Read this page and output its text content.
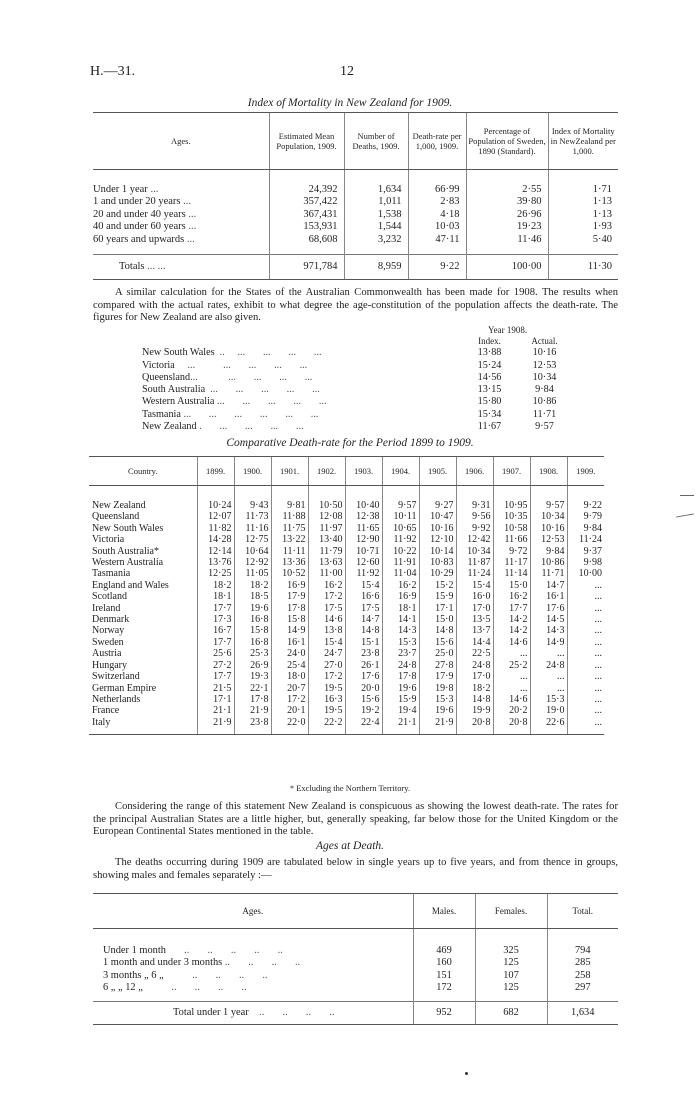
H.—31.	12
Index of Mortality in New Zealand for 1909.
Ages.	Estimated Mean Population, 1909.	Number of Deaths, 1909.	Death-rate per 1,000, 1909.	Percentage of Population of Sweden, 1890 (Standard).	Index of Mortality in NewZealand per 1,000.
Under 1 year ...	24,392	1,634	66·99	2·55	1·71
1 and under 20 years ...	357,422	1,011	2·83	39·80	1·13
20 and under 40 years ...	367,431	1,538	4·18	26·96	1·13
40 and under 60 years ...	153,931	1,544	10·03	19·23	1·93
60 years and upwards ...	68,608	3,232	47·11	11·46	5·40
Totals ... ...	971,784	8,959	9·22	100·00	11·30

A similar calculation for the States of the Australian Commonwealth has been made for 1908. The results when compared with the actual rates, exhibit to what degree the age-constitution of the population affects the death-rate. The figures for New Zealand are also given.

Year 1908.
	Index.	Actual.
New South Wales  ..     ...       ...       ...       ...	13·88	10·16
Victoria     ...           ...       ...       ...       ...	15·24	12·53
Queensland...            ...       ...       ...       ...	14·56	10·34
South Australia  ...       ...       ...       ...       ...	13·15	9·84
Western Australia ...       ...       ...       ...       ...	15·80	10·86
Tasmania ...       ...       ...       ...       ...       ...	15·34	11·71
New Zealand .       ...       ...       ...       ...	11·67	9·57
Comparative Death-rate for the Period 1899 to 1909.
Country.	1899.	1900.	1901.	1902.	1903.	1904.	1905.	1906.	1907.	1908.	1909.
New Zealand	10·24	9·43	9·81	10·50	10·40	9·57	9·27	9·31	10·95	9·57	9·22
Queensland	12·07	11·73	11·88	12·08	12·38	10·11	10·47	9·56	10·35	10·34	9·79
New South Wales	11·82	11·16	11·75	11·97	11·65	10·65	10·16	9·92	10·58	10·16	9·84
Victoria	14·28	12·75	13·22	13·40	12·90	11·92	12·10	12·42	11·66	12·53	11·24
South Australia*	12·14	10·64	11·11	11·79	10·71	10·22	10·14	10·34	9·72	9·84	9·37
Western Australia	13·76	12·92	13·36	13·63	12·60	11·91	10·83	11·87	11·17	10·86	9·98
Tasmania	12·25	11·05	10·52	11·00	11·92	11·04	10·29	11·24	11·14	11·71	10·00
England and Wales	18·2	18·2	16·9	16·2	15·4	16·2	15·2	15·4	15·0	14·7	...
Scotland	18·1	18·5	17·9	17·2	16·6	16·9	15·9	16·0	16·2	16·1	...
Ireland	17·7	19·6	17·8	17·5	17·5	18·1	17·1	17·0	17·7	17·6	...
Denmark	17·3	16·8	15·8	14·6	14·7	14·1	15·0	13·5	14·2	14·5	...
Norway	16·7	15·8	14·9	13·8	14·8	14·3	14·8	13·7	14·2	14·3	...
Sweden	17·7	16·8	16·1	15·4	15·1	15·3	15·6	14·4	14·6	14·9	...
Austria	25·6	25·3	24·0	24·7	23·8	23·7	25·0	22·5	...	...	...
Hungary	27·2	26·9	25·4	27·0	26·1	24·8	27·8	24·8	25·2	24·8	...
Switzerland	17·7	19·3	18·0	17·2	17·6	17·8	17·9	17·0	...	...	...
German Empire	21·5	22·1	20·7	19·5	20·0	19·6	19·8	18·2	...	...	...
Netherlands	17·1	17·8	17·2	16·3	15·6	15·9	15·3	14·8	14·6	15·3	...
France	21·1	21·9	20·1	19·5	19·2	19·4	19·6	19·9	20·2	19·0	...
Italy	21·9	23·8	22·0	22·2	22·4	21·1	21·9	20·8	20·8	22·6	...
* Excluding the Northern Territory.

Considering the range of this statement New Zealand is conspicuous as showing the lowest death-rate. The rates for the principal Australian States are a little higher, but, generally speaking, far below those for the United Kingdom or the European Continental States mentioned in the table.

Ages at Death.

The deaths occurring during 1909 are tabulated below in single years up to five years, and from thence in groups, showing males and females separately :—

Ages.	Males.	Females.	Total.
Under 1 month       ..       ..       ..       ..       ..	469	325	794
1 month and under 3 months ..       ..       ..       ..	160	125	285
3 months „ 6 „           ..       ..       ..       ..	151	107	258
6 „ „ 12 „           ..       ..       ..       ..	172	125	297
Total under 1 year    ..       ..       ..       ..	952	682	1,634
